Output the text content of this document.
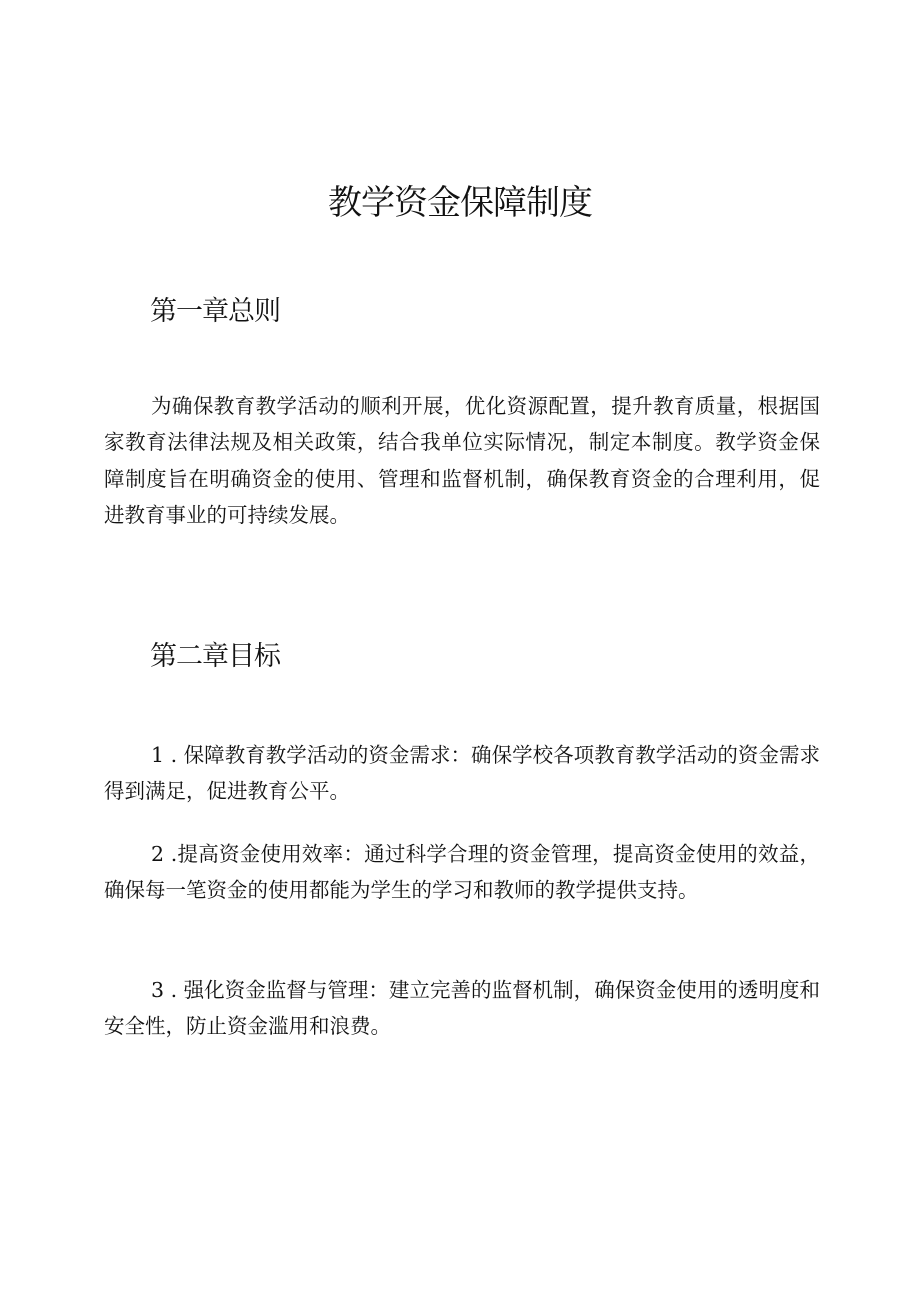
教学资金保障制度
第一章总则

为确保教育教学活动的顺利开展，优化资源配置，提升教育质量，根据国家教育法律法规及相关政策，结合我单位实际情况，制定本制度。教学资金保障制度旨在明确资金的使用、管理和监督机制，确保教育资金的合理利用，促进教育事业的可持续发展。

第二章目标

1 . 保障教育教学活动的资金需求：确保学校各项教育教学活动的资金需求得到满足，促进教育公平。

2 .提高资金使用效率：通过科学合理的资金管理，提高资金使用的效益，确保每一笔资金的使用都能为学生的学习和教师的教学提供支持。

3 . 强化资金监督与管理：建立完善的监督机制，确保资金使用的透明度和安全性，防止资金滥用和浪费。
